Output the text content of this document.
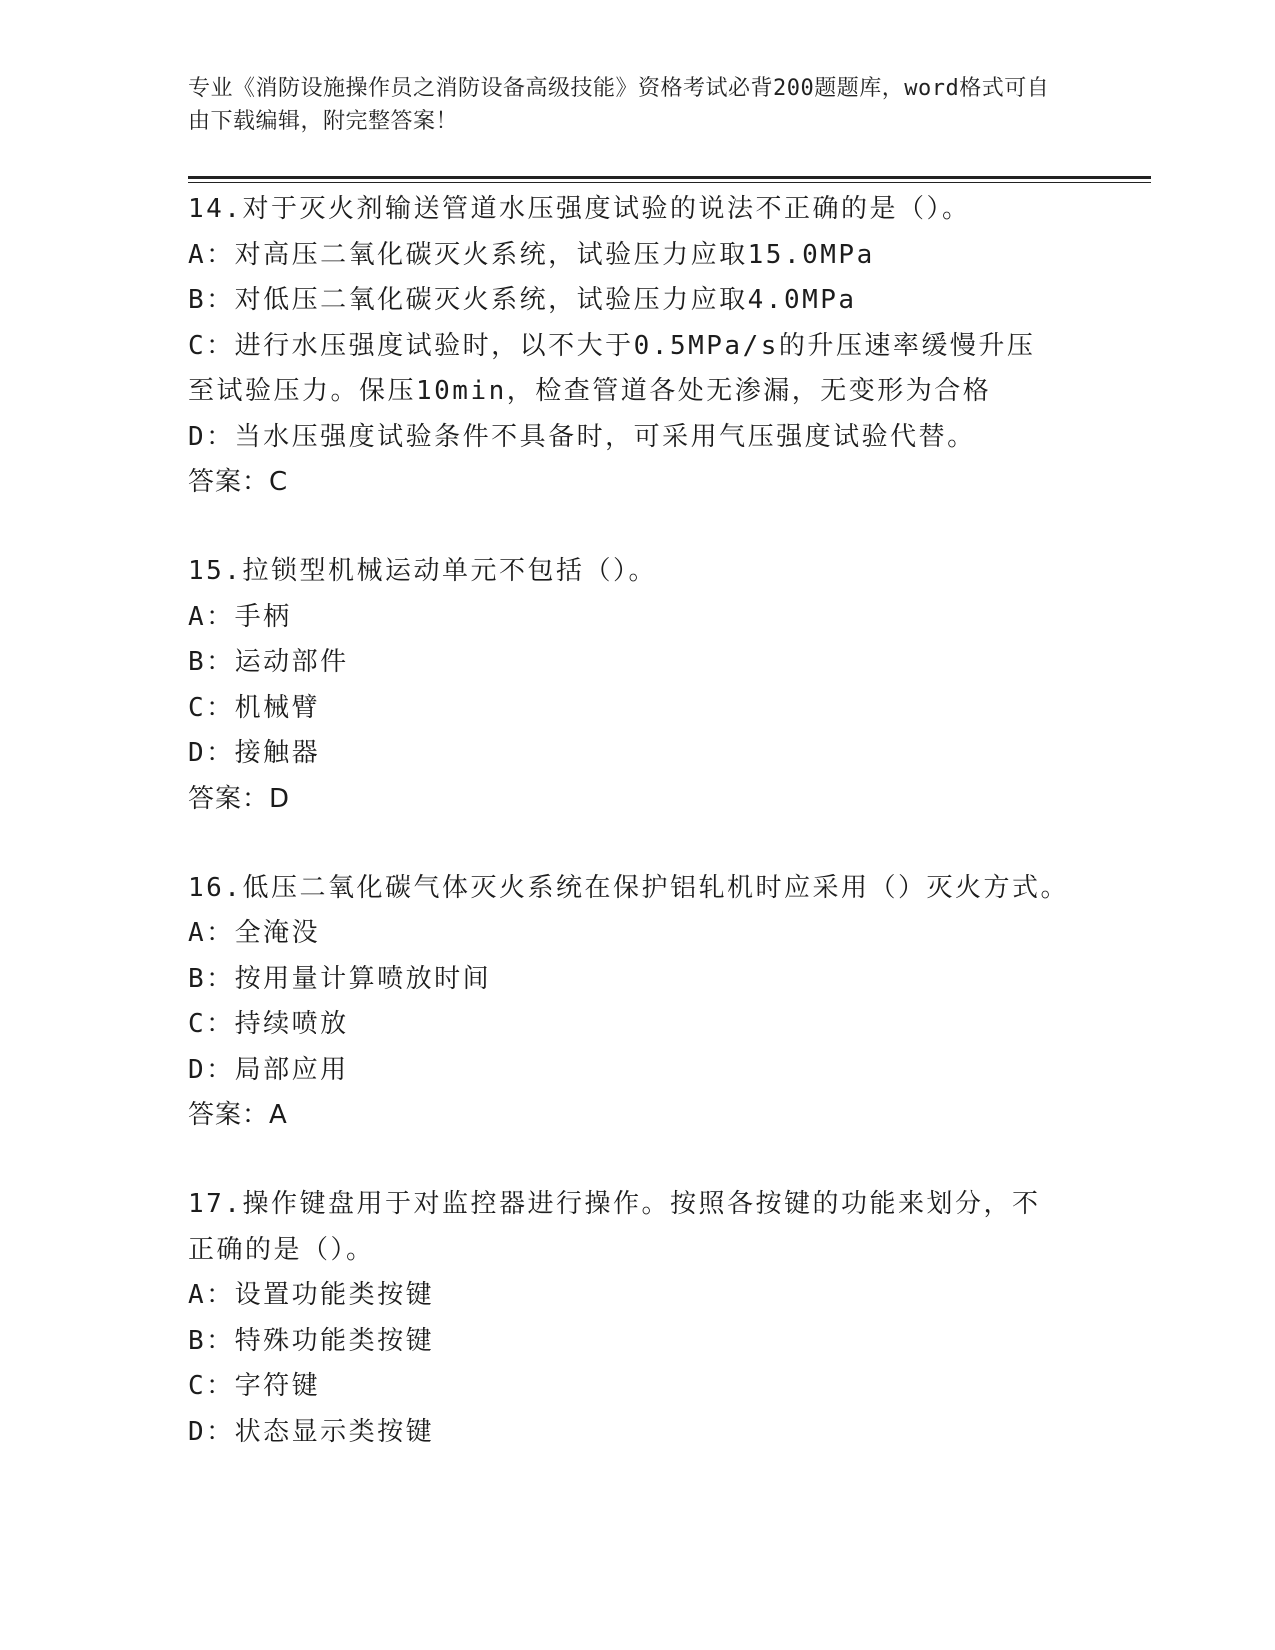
专业《消防设施操作员之消防设备高级技能》资格考试必背200题题库，word格式可自由下载编辑，附完整答案！
14.对于灭火剂输送管道水压强度试验的说法不正确的是（）。
A：对高压二氧化碳灭火系统，试验压力应取15.0MPa
B：对低压二氧化碳灭火系统，试验压力应取4.0MPa
C：进行水压强度试验时，以不大于0.5MPa/s的升压速率缓慢升压至试验压力。保压10min，检查管道各处无渗漏，无变形为合格
D：当水压强度试验条件不具备时，可采用气压强度试验代替。
答案：C
15.拉锁型机械运动单元不包括（）。
A：手柄
B：运动部件
C：机械臂
D：接触器
答案：D
16.低压二氧化碳气体灭火系统在保护铝轧机时应采用（）灭火方式。
A：全淹没
B：按用量计算喷放时间
C：持续喷放
D：局部应用
答案：A
17.操作键盘用于对监控器进行操作。按照各按键的功能来划分，不正确的是（）。
A：设置功能类按键
B：特殊功能类按键
C：字符键
D：状态显示类按键
